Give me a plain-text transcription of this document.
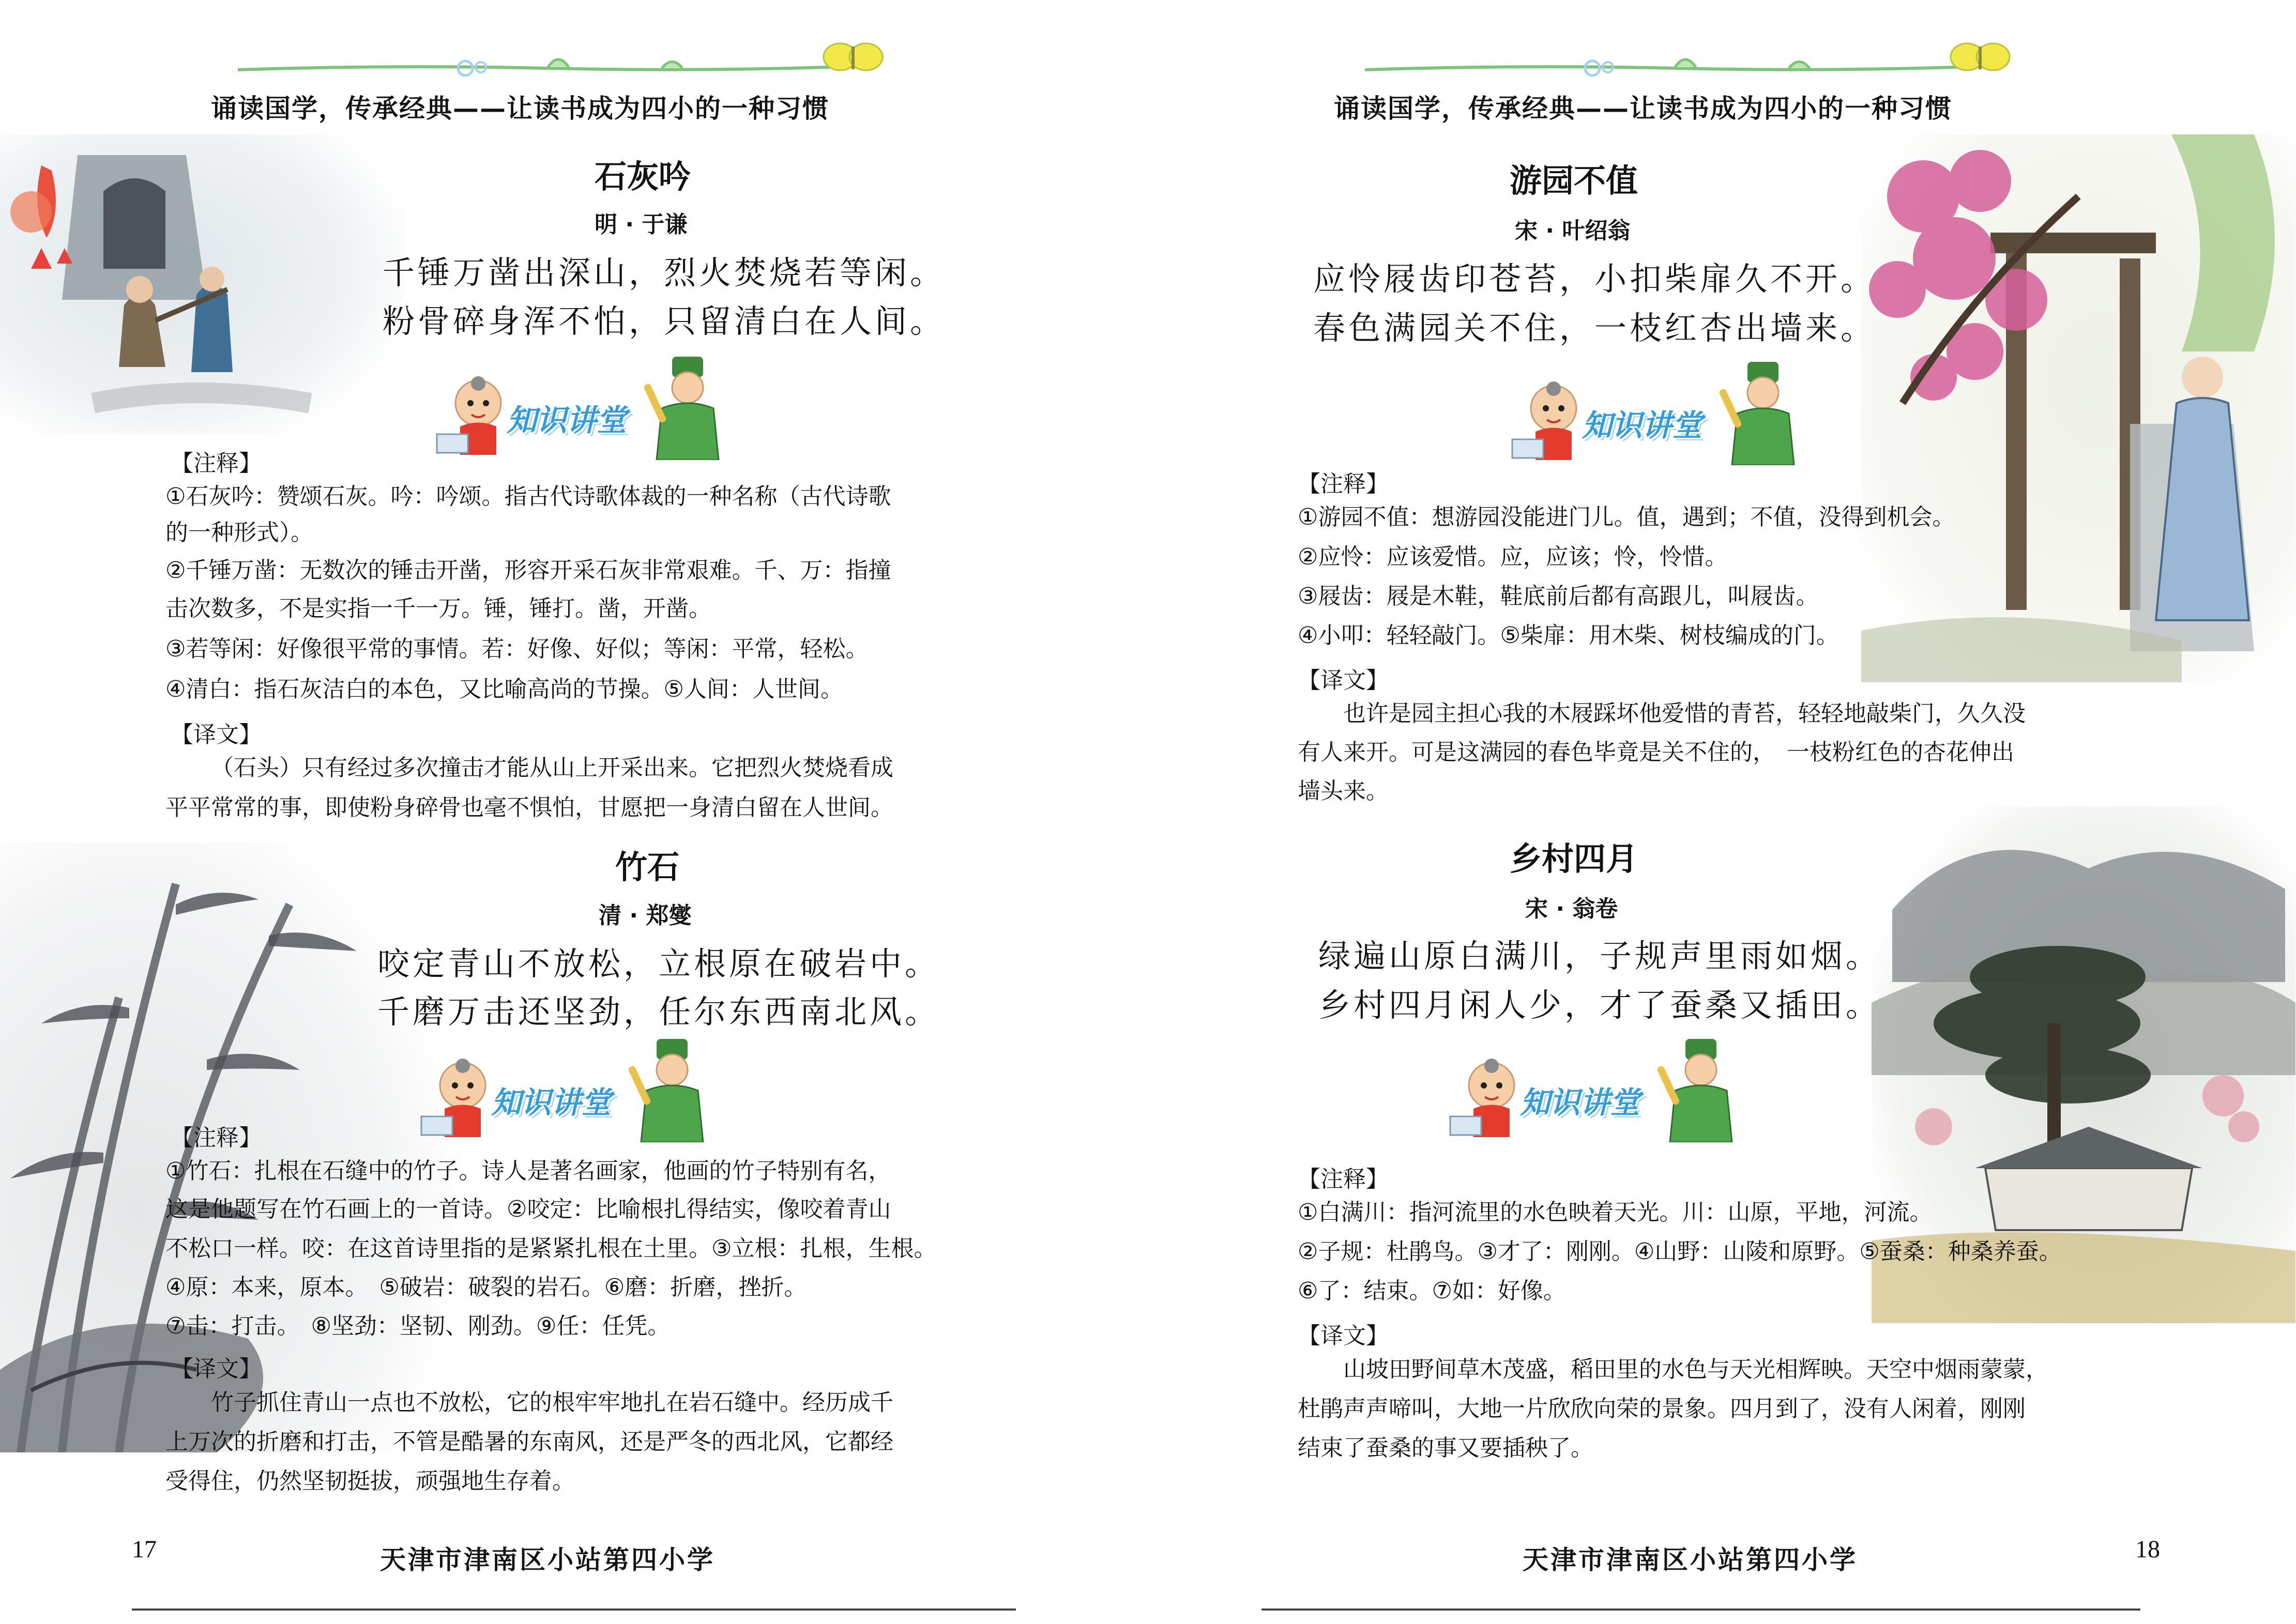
诵读国学，传承经典——让读书成为四小的一种习惯
石灰吟
明 · 于谦
千锤万凿出深山，烈火焚烧若等闲。
粉骨碎身浑不怕，只留清白在人间。
知识讲堂
【注释】
①石灰吟：赞颂石灰。吟：吟颂。指古代诗歌体裁的一种名称（古代诗歌
的一种形式）。
②千锤万凿：无数次的锤击开凿，形容开采石灰非常艰难。千、万：指撞
击次数多，不是实指一千一万。锤，锤打。凿，开凿。
③若等闲：好像很平常的事情。若：好像、好似；等闲：平常，轻松。
④清白：指石灰洁白的本色，又比喻高尚的节操。⑤人间：人世间。
【译文】
（石头）只有经过多次撞击才能从山上开采出来。它把烈火焚烧看成
平平常常的事，即使粉身碎骨也毫不惧怕，甘愿把一身清白留在人世间。
竹石
清 · 郑燮
咬定青山不放松，立根原在破岩中。
千磨万击还坚劲，任尔东西南北风。
知识讲堂
【注释】
①竹石：扎根在石缝中的竹子。诗人是著名画家，他画的竹子特别有名，
这是他题写在竹石画上的一首诗。②咬定：比喻根扎得结实，像咬着青山
不松口一样。咬：在这首诗里指的是紧紧扎根在土里。③立根：扎根，生根。
④原：本来，原本。　⑤破岩：破裂的岩石。⑥磨：折磨，挫折。
⑦击：打击。　⑧坚劲：坚韧、刚劲。⑨任：任凭。
【译文】
竹子抓住青山一点也不放松，它的根牢牢地扎在岩石缝中。经历成千
上万次的折磨和打击，不管是酷暑的东南风，还是严冬的西北风，它都经
受得住，仍然坚韧挺拔，顽强地生存着。
17	天津市津南区小站第四小学
诵读国学，传承经典——让读书成为四小的一种习惯
游园不值
宋 · 叶绍翁
应怜屐齿印苍苔，小扣柴扉久不开。
春色满园关不住，一枝红杏出墙来。
知识讲堂
【注释】
①游园不值：想游园没能进门儿。值，遇到；不值，没得到机会。
②应怜：应该爱惜。应，应该；怜，怜惜。
③屐齿：屐是木鞋，鞋底前后都有高跟儿，叫屐齿。
④小叩：轻轻敲门。⑤柴扉：用木柴、树枝编成的门。
【译文】
也许是园主担心我的木屐踩坏他爱惜的青苔，轻轻地敲柴门，久久没
有人来开。可是这满园的春色毕竟是关不住的，　一枝粉红色的杏花伸出
墙头来。
乡村四月
宋 · 翁卷
绿遍山原白满川，子规声里雨如烟。
乡村四月闲人少，才了蚕桑又插田。
知识讲堂
【注释】
①白满川：指河流里的水色映着天光。川：山原，平地，河流。
②子规：杜鹃鸟。③才了：刚刚。④山野：山陵和原野。⑤蚕桑：种桑养蚕。
⑥了：结束。⑦如：好像。
【译文】
山坡田野间草木茂盛，稻田里的水色与天光相辉映。天空中烟雨蒙蒙，
杜鹃声声啼叫，大地一片欣欣向荣的景象。四月到了，没有人闲着，刚刚
结束了蚕桑的事又要插秧了。
天津市津南区小站第四小学	18
